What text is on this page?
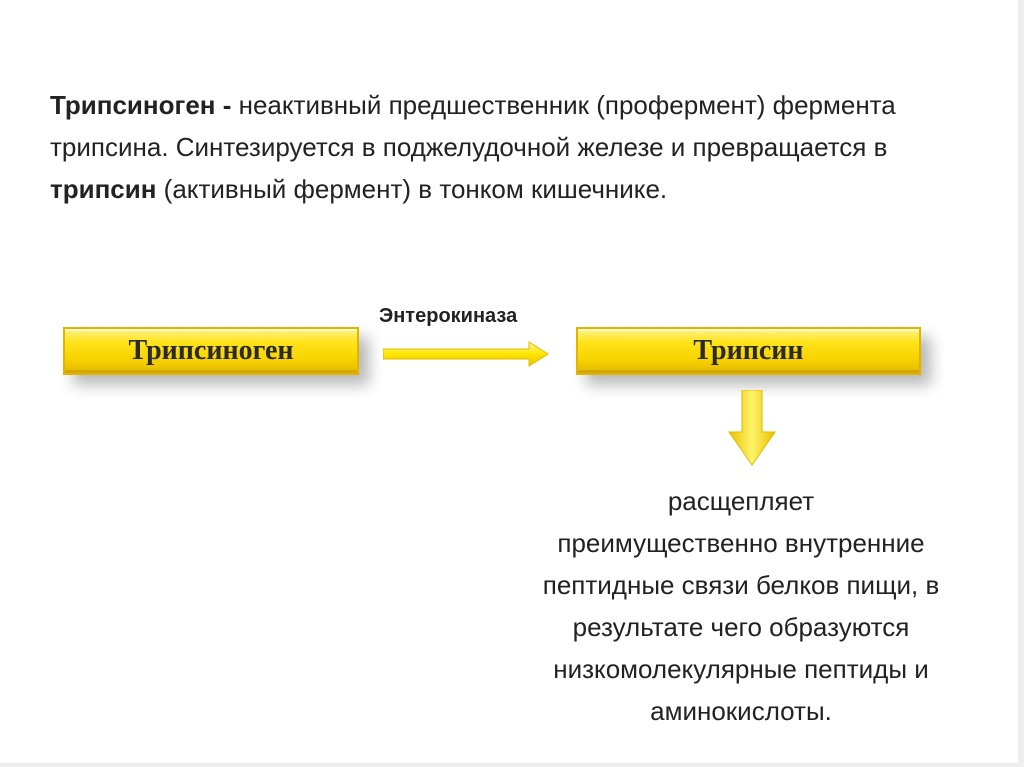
Трипсиноген - неактивный предшественник (профермент) фермента трипсина. Синтезируется в поджелудочной железе и превращается в трипсин (активный фермент) в тонком кишечнике.

Трипсиноген
Энтерокиназа
Трипсин
расщепляет
преимущественно внутренние
пептидные связи белков пищи, в
результате чего образуются
низкомолекулярные пептиды и
аминокислоты.
